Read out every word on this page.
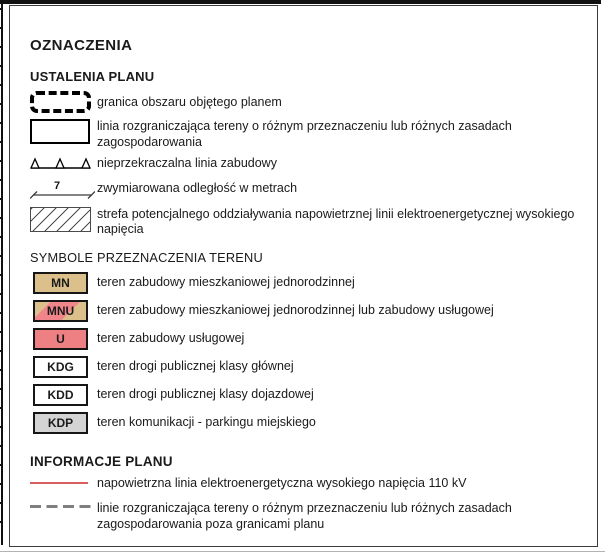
OZNACZENIA
USTALENIA PLANU
granica obszaru objętego planem
linia rozgraniczająca tereny o różnym przeznaczeniu lub różnych zasadach zagospodarowania
nieprzekraczalna linia zabudowy
7	zwymiarowana odległość w metrach
strefa potencjalnego oddziaływania napowietrznej linii elektroenergetycznej wysokiego napięcia
SYMBOLE PRZEZNACZENIA TERENU
MN	teren zabudowy mieszkaniowej jednorodzinnej
MNU	teren zabudowy mieszkaniowej jednorodzinnej lub zabudowy usługowej
U	teren zabudowy usługowej
KDG	teren drogi publicznej klasy głównej
KDD	teren drogi publicznej klasy dojazdowej
KDP	teren komunikacji - parkingu miejskiego
INFORMACJE PLANU
napowietrzna linia elektroenergetyczna wysokiego napięcia 110 kV
linie rozgraniczająca tereny o różnym przeznaczeniu lub różnych zasadach zagospodarowania poza granicami planu
